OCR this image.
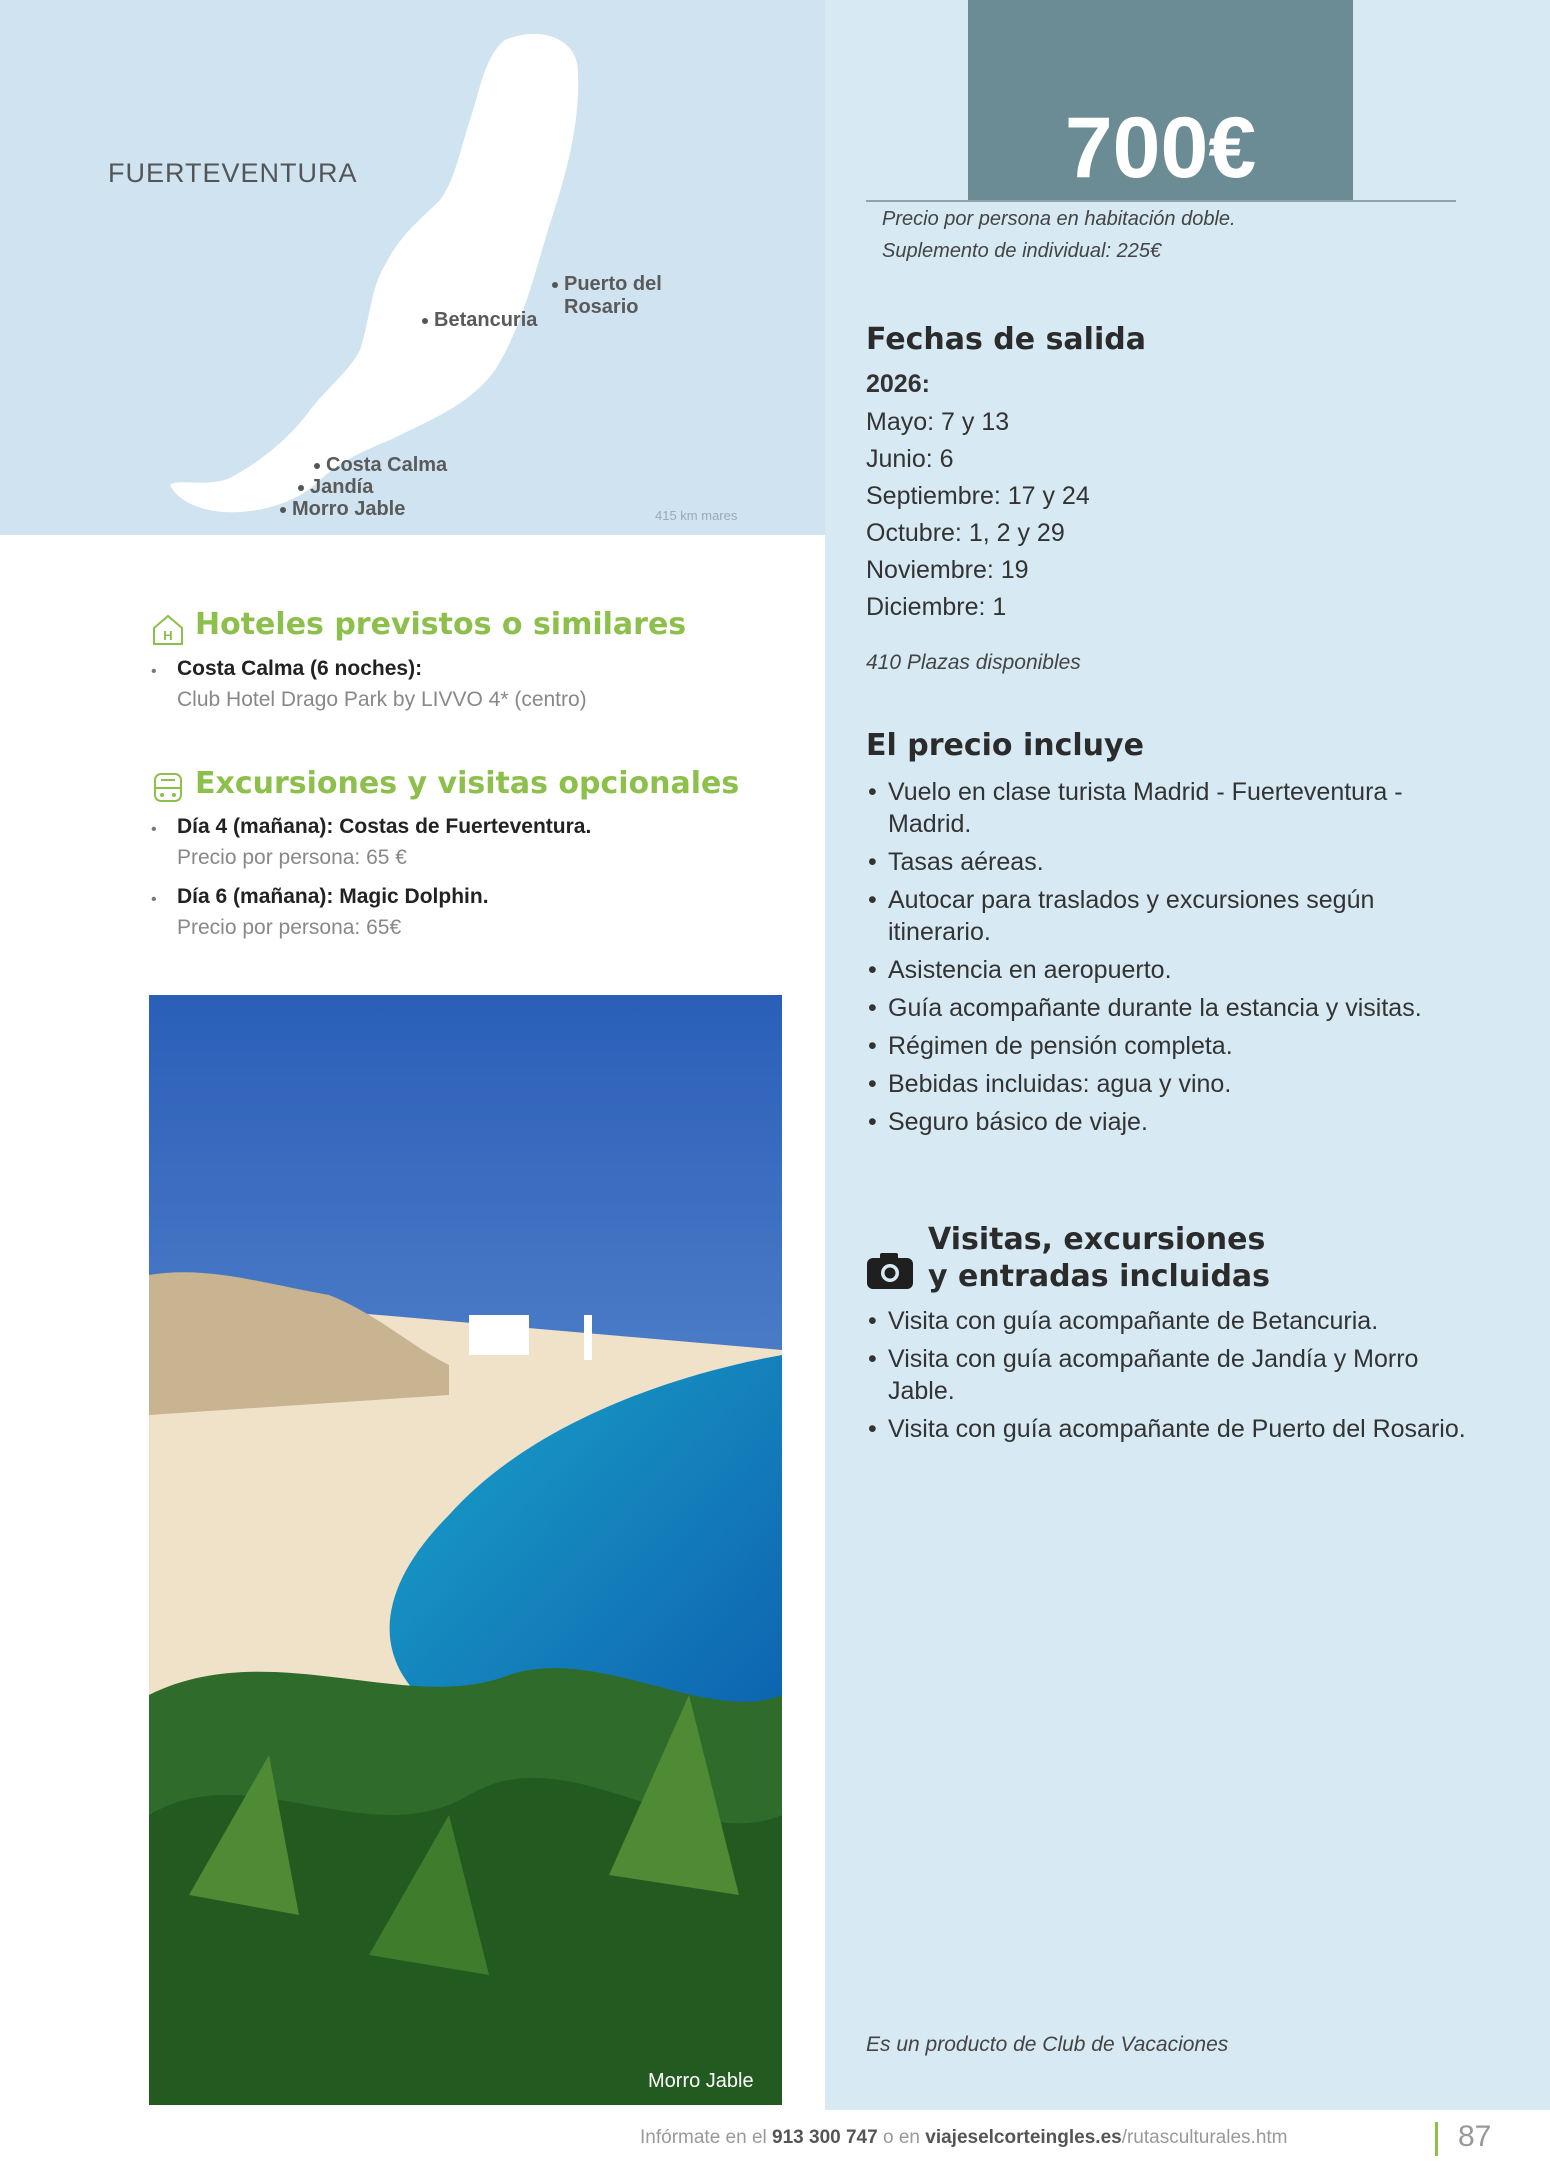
FUERTEVENTURA
Puerto del
Rosario
Betancuria
Costa Calma
Jandía
Morro Jable	415 km mares
700€
Precio por persona en habitación doble.
Suplemento de individual: 225€
Fechas de salida
2026:
Mayo: 7 y 13
Junio: 6
Septiembre: 17 y 24
Octubre: 1, 2 y 29
Noviembre: 19
Diciembre: 1
410 Plazas disponibles
El precio incluye
• Vuelo en clase turista Madrid - Fuerteventura - Madrid.
• Tasas aéreas.
• Autocar para traslados y excursiones según itinerario.
• Asistencia en aeropuerto.
• Guía acompañante durante la estancia y visitas.
• Régimen de pensión completa.
• Bebidas incluidas: agua y vino.
• Seguro básico de viaje.
Visitas, excursiones
y entradas incluidas
• Visita con guía acompañante de Betancuria.
• Visita con guía acompañante de Jandía y Morro Jable.
• Visita con guía acompañante de Puerto del Rosario.
Es un producto de Club de Vacaciones
H Hoteles previstos o similares
• Costa Calma (6 noches):
Club Hotel Drago Park by LIVVO 4* (centro)
Excursiones y visitas opcionales
• Día 4 (mañana): Costas de Fuerteventura.
Precio por persona: 65 €
• Día 6 (mañana): Magic Dolphin.
Precio por persona: 65€
Morro Jable
Infórmate en el 913 300 747 o en viajeselcorteingles.es/rutasculturales.htm	87
